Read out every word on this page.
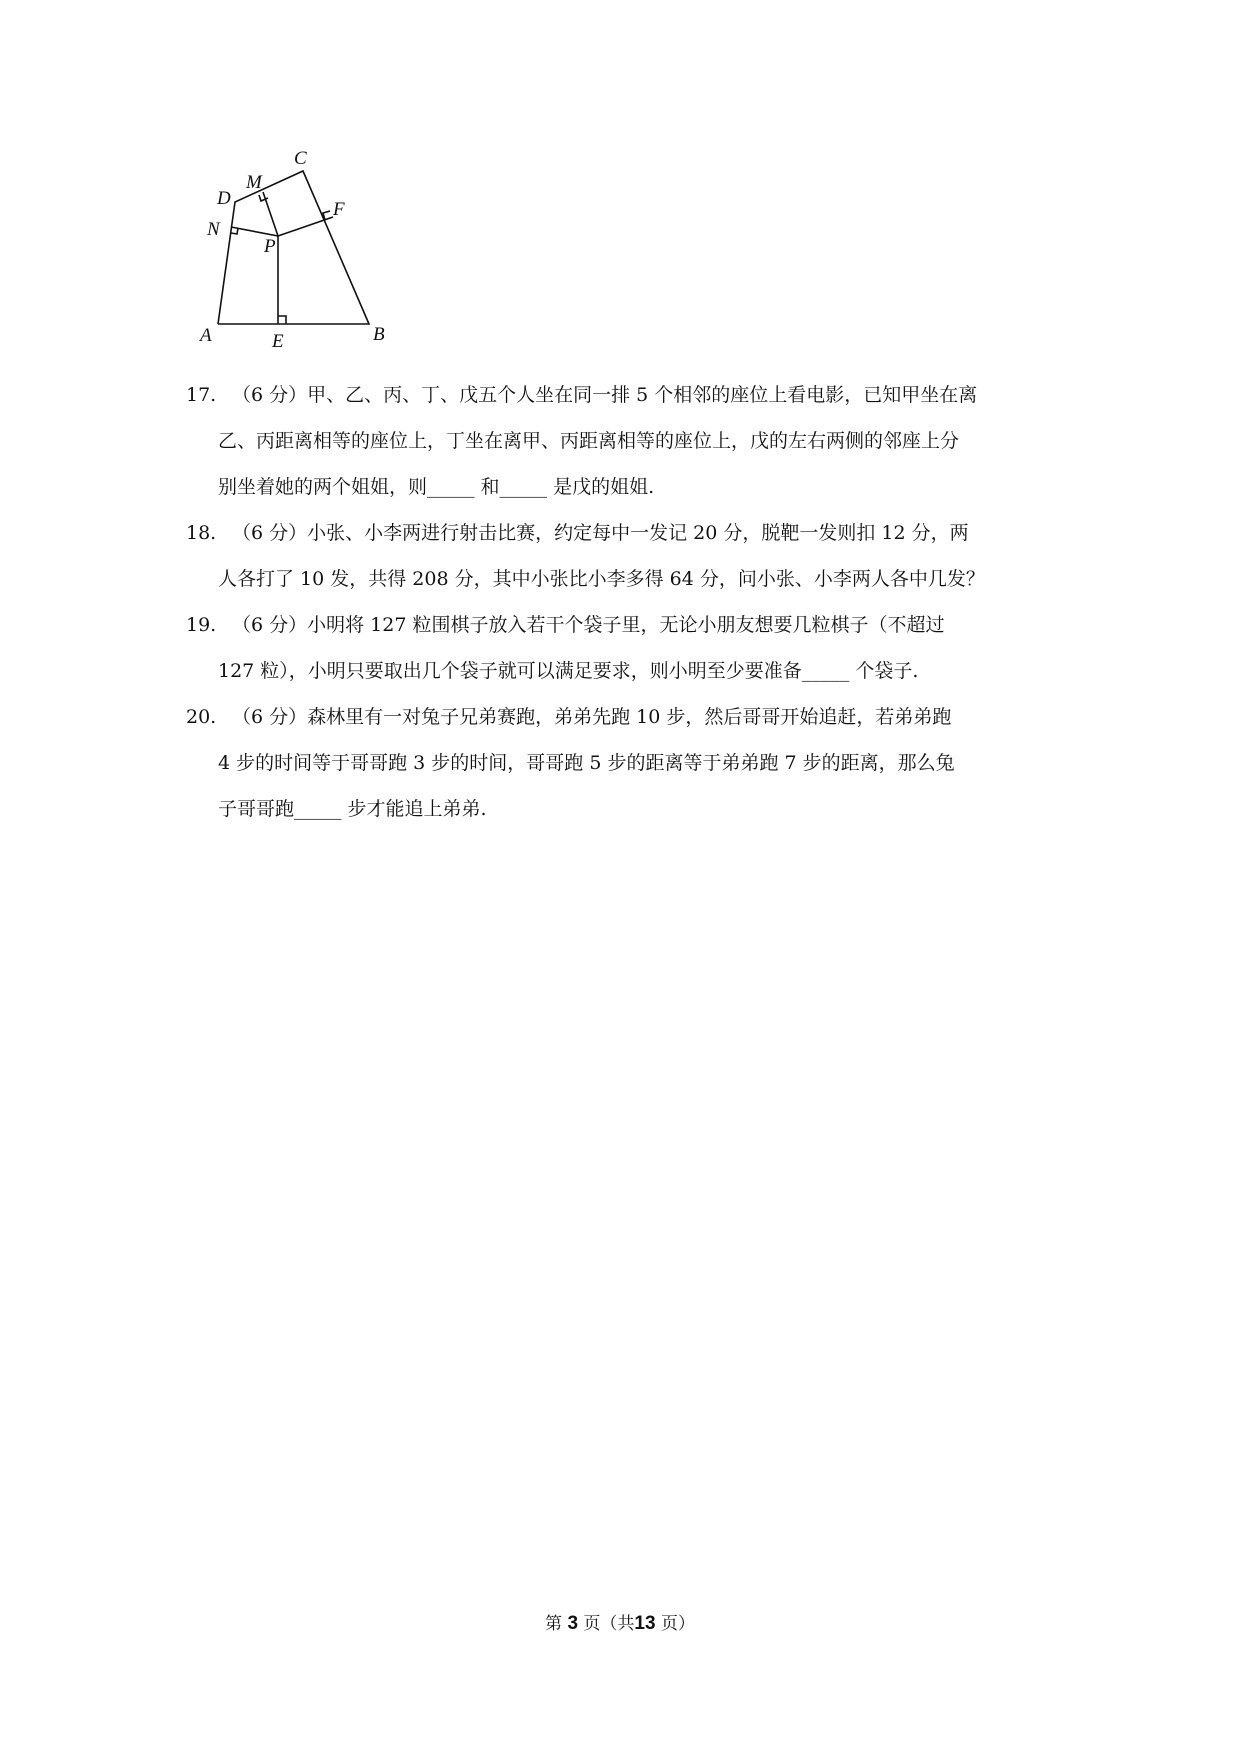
A	B
C
D
E
F
M
N
P
17. （6 分）甲、乙、丙、丁、戊五个人坐在同一排 5 个相邻的座位上看电影，已知甲坐在离
乙、丙距离相等的座位上，丁坐在离甲、丙距离相等的座位上，戊的左右两侧的邻座上分
别坐着她的两个姐姐，则_____ 和_____ 是戊的姐姐.
18. （6 分）小张、小李两进行射击比赛，约定每中一发记 20 分，脱靶一发则扣 12 分，两
人各打了 10 发，共得 208 分，其中小张比小李多得 64 分，问小张、小李两人各中几发？
19. （6 分）小明将 127 粒围棋子放入若干个袋子里，无论小朋友想要几粒棋子（不超过
127 粒），小明只要取出几个袋子就可以满足要求，则小明至少要准备_____ 个袋子.
20. （6 分）森林里有一对兔子兄弟赛跑，弟弟先跑 10 步，然后哥哥开始追赶，若弟弟跑
4 步的时间等于哥哥跑 3 步的时间，哥哥跑 5 步的距离等于弟弟跑 7 步的距离，那么兔
子哥哥跑_____ 步才能追上弟弟.
第 3 页（共13 页）
